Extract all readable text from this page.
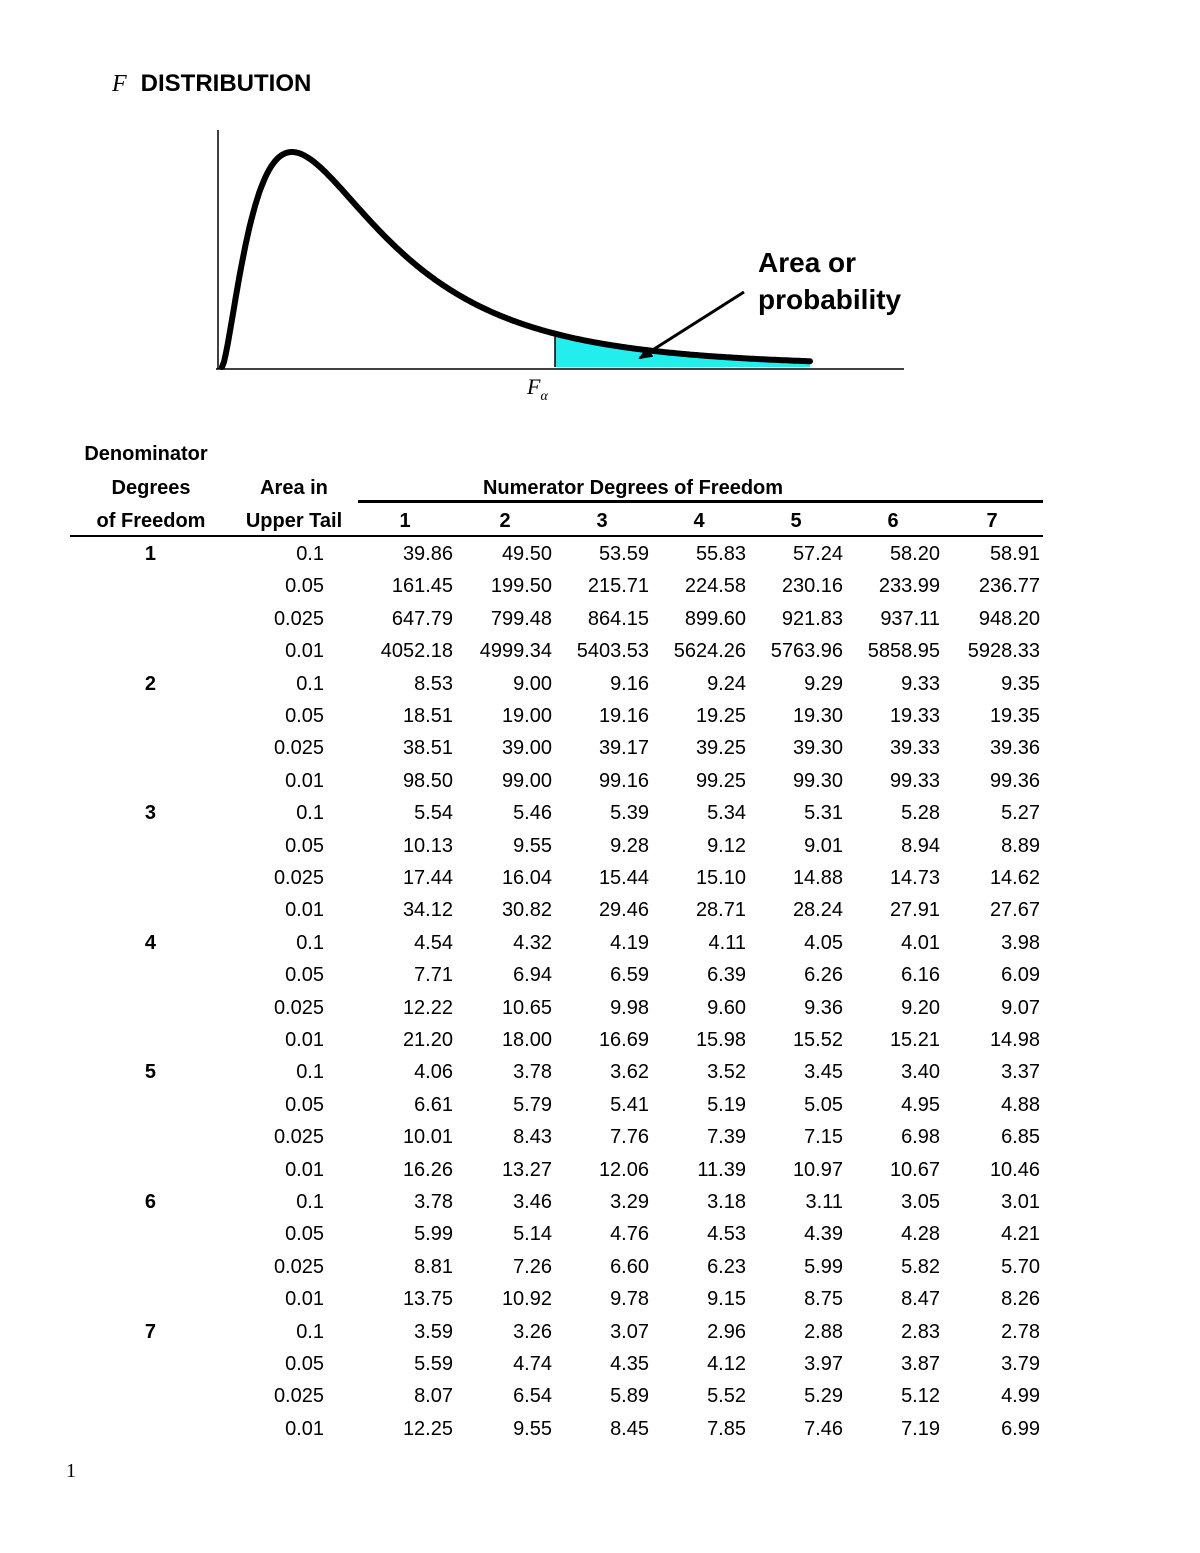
F DISTRIBUTION
Area or
probability
$F_\alpha$
Denominator
Degrees
of Freedom
Area in
Upper Tail
Numerator Degrees of Freedom
1	2	3	4	5	6	7
1	0.1	39.86	49.50	53.59	55.83	57.24	58.20	58.91
0.05	161.45	199.50	215.71	224.58	230.16	233.99	236.77
0.025	647.79	799.48	864.15	899.60	921.83	937.11	948.20
0.01	4052.18	4999.34	5403.53	5624.26	5763.96	5858.95	5928.33
2	0.1	8.53	9.00	9.16	9.24	9.29	9.33	9.35
0.05	18.51	19.00	19.16	19.25	19.30	19.33	19.35
0.025	38.51	39.00	39.17	39.25	39.30	39.33	39.36
0.01	98.50	99.00	99.16	99.25	99.30	99.33	99.36
3	0.1	5.54	5.46	5.39	5.34	5.31	5.28	5.27
0.05	10.13	9.55	9.28	9.12	9.01	8.94	8.89
0.025	17.44	16.04	15.44	15.10	14.88	14.73	14.62
0.01	34.12	30.82	29.46	28.71	28.24	27.91	27.67
4	0.1	4.54	4.32	4.19	4.11	4.05	4.01	3.98
0.05	7.71	6.94	6.59	6.39	6.26	6.16	6.09
0.025	12.22	10.65	9.98	9.60	9.36	9.20	9.07
0.01	21.20	18.00	16.69	15.98	15.52	15.21	14.98
5	0.1	4.06	3.78	3.62	3.52	3.45	3.40	3.37
0.05	6.61	5.79	5.41	5.19	5.05	4.95	4.88
0.025	10.01	8.43	7.76	7.39	7.15	6.98	6.85
0.01	16.26	13.27	12.06	11.39	10.97	10.67	10.46
6	0.1	3.78	3.46	3.29	3.18	3.11	3.05	3.01
0.05	5.99	5.14	4.76	4.53	4.39	4.28	4.21
0.025	8.81	7.26	6.60	6.23	5.99	5.82	5.70
0.01	13.75	10.92	9.78	9.15	8.75	8.47	8.26
7	0.1	3.59	3.26	3.07	2.96	2.88	2.83	2.78
0.05	5.59	4.74	4.35	4.12	3.97	3.87	3.79
0.025	8.07	6.54	5.89	5.52	5.29	5.12	4.99
0.01	12.25	9.55	8.45	7.85	7.46	7.19	6.99
1
